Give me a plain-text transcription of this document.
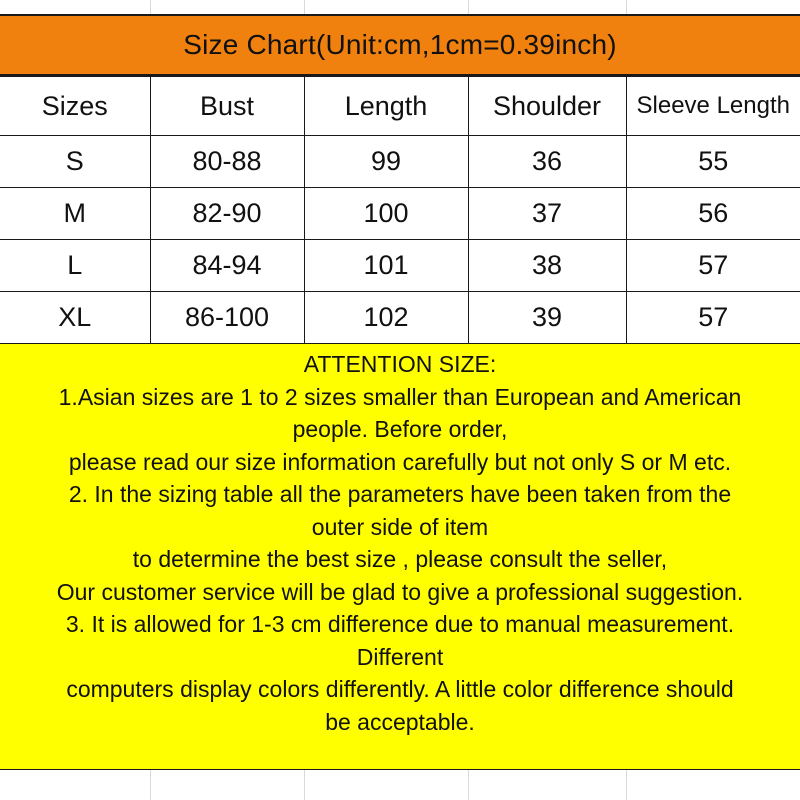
Size Chart(Unit:cm,1cm=0.39inch)
Sizes	Bust	Length	Shoulder	Sleeve Length
S	80-88	99	36	55
M	82-90	100	37	56
L	84-94	101	38	57
XL	86-100	102	39	57
ATTENTION SIZE:
1.Asian sizes are 1 to 2 sizes smaller than European and American
people. Before order,
please read our size information carefully but not only S or M etc.
2. In the sizing table all the parameters have been taken from the
outer side of item
to determine the best size , please consult the seller,
Our customer service will be glad to give a professional suggestion.
3. It is allowed for 1-3 cm difference due to manual measurement.
Different
computers display colors differently. A little color difference should
be acceptable.
